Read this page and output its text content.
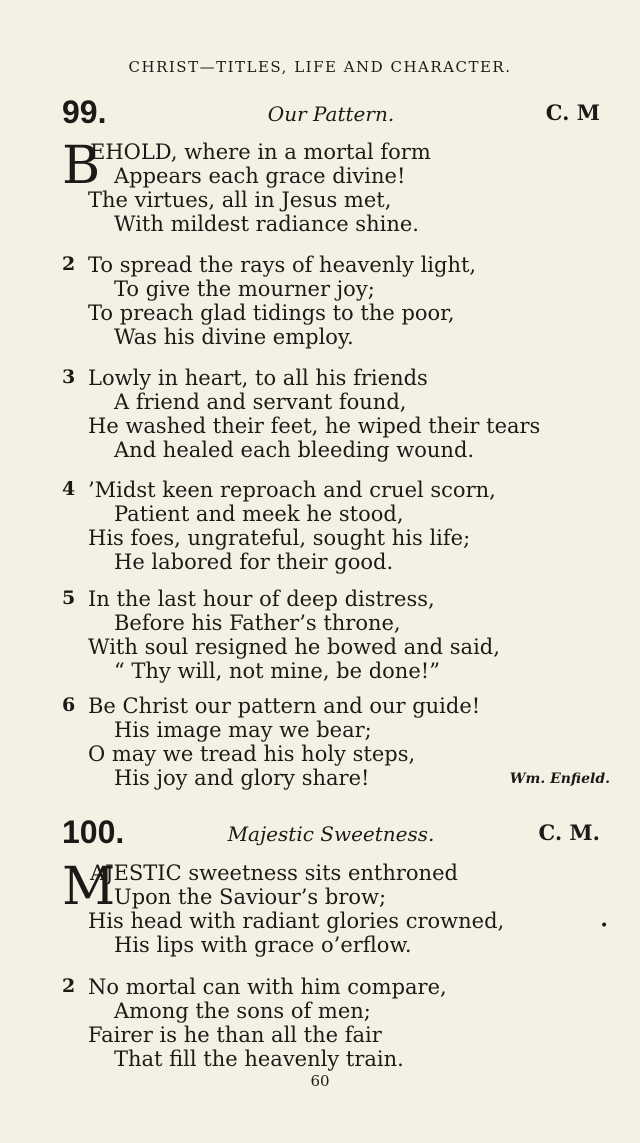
CHRIST—TITLES, LIFE AND CHARACTER.
99.	Our Pattern.	C. M
B
EHOLD, where in a mortal form
Appears each grace divine!
The virtues, all in Jesus met,
With mildest radiance shine.
2 To spread the rays of heavenly light,
To give the mourner joy;
To preach glad tidings to the poor,
Was his divine employ.
3 Lowly in heart, to all his friends
A friend and servant found,
He washed their feet, he wiped their tears
And healed each bleeding wound.
4 ’Midst keen reproach and cruel scorn,
Patient and meek he stood,
His foes, ungrateful, sought his life;
He labored for their good.
5 In the last hour of deep distress,
Before his Father’s throne,
With soul resigned he bowed and said,
“ Thy will, not mine, be done!”
6 Be Christ our pattern and our guide!
His image may we bear;
O may we tread his holy steps,
His joy and glory share!	Wm. Enfield.
100.	Majestic Sweetness.	C. M.
M
AJESTIC sweetness sits enthroned
Upon the Saviour’s brow;
His head with radiant glories crowned,
His lips with grace o’erflow.
2 No mortal can with him compare,
Among the sons of men;
Fairer is he than all the fair
That fill the heavenly train.
•
60
